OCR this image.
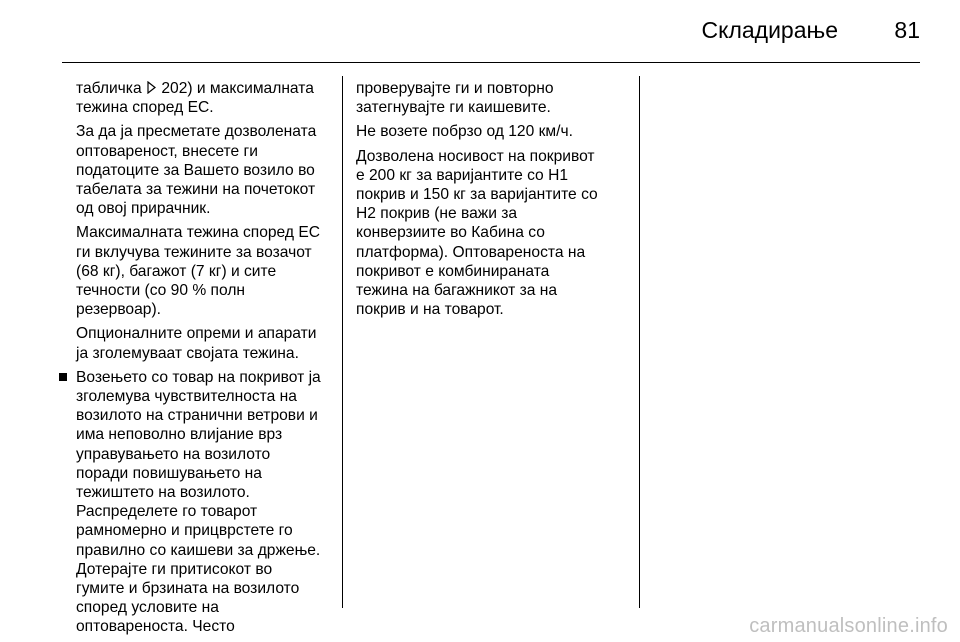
Складирање 81
табличка 202) и максималната
тежина според ЕС.
За да ја пресметате дозволената
оптовареност, внесете ги
податоците за Вашето возило во
табелата за тежини на почетокот
од овој прирачник.
Максималната тежина според ЕС
ги вклучува тежините за возачот
(68 кг), багажот (7 кг) и сите
течности (со 90 % полн
резервоар).
Опционалните опреми и апарати
ја зголемуваат својата тежина.
Возењето со товар на покривот ја
зголемува чувствителноста на
возилото на странични ветрови и
има неповолно влијание врз
управувањето на возилото
поради повишувањето на
тежиштето на возилото.
Распределете го товарот
рамномерно и прицврстете го
правилно со каишеви за држење.
Дотерајте ги притисокот во
гумите и брзината на возилото
според условите на
оптовареноста. Често
проверувајте ги и повторно
затегнувајте ги каишевите.
Не возете побрзо од 120 км/ч.
Дозволена носивост на покривот
е 200 кг за варијантите со H1
покрив и 150 кг за варијантите со
H2 покрив (не важи за
конверзиите во Кабина со
платформа). Оптовареноста на
покривот е комбинираната
тежина на багажникот за на
покрив и на товарот.
carmanualsonline.info
